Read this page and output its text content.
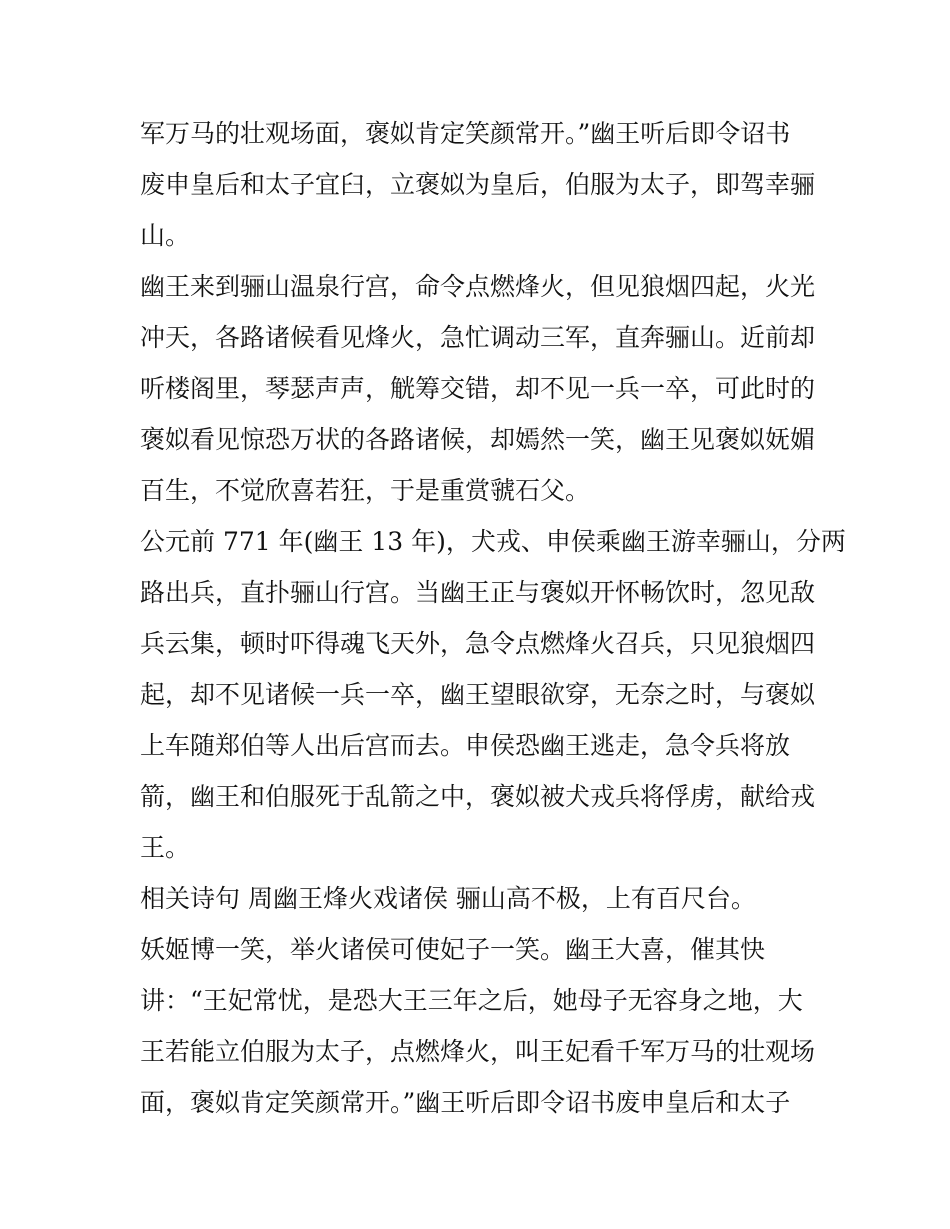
军万马的壮观场面，褒姒肯定笑颜常开。”幽王听后即令诏书
废申皇后和太子宜臼，立褒姒为皇后，伯服为太子，即驾幸骊
山。
幽王来到骊山温泉行宫，命令点燃烽火，但见狼烟四起，火光
冲天，各路诸候看见烽火，急忙调动三军，直奔骊山。近前却
听楼阁里，琴瑟声声，觥筹交错，却不见一兵一卒，可此时的
褒姒看见惊恐万状的各路诸候，却嫣然一笑，幽王见褒姒妩媚
百生，不觉欣喜若狂，于是重赏虢石父。
公元前 771 年(幽王 13 年)，犬戎、申侯乘幽王游幸骊山，分两
路出兵，直扑骊山行宫。当幽王正与褒姒开怀畅饮时，忽见敌
兵云集，顿时吓得魂飞天外，急令点燃烽火召兵，只见狼烟四
起，却不见诸候一兵一卒，幽王望眼欲穿，无奈之时，与褒姒
上车随郑伯等人出后宫而去。申侯恐幽王逃走，急令兵将放
箭，幽王和伯服死于乱箭之中，褒姒被犬戎兵将俘虏，献给戎
王。
相关诗句 周幽王烽火戏诸侯 骊山高不极，上有百尺台。
妖姬博一笑，举火诸侯可使妃子一笑。幽王大喜，催其快
讲：“王妃常忧，是恐大王三年之后，她母子无容身之地，大
王若能立伯服为太子，点燃烽火，叫王妃看千军万马的壮观场
面，褒姒肯定笑颜常开。”幽王听后即令诏书废申皇后和太子
